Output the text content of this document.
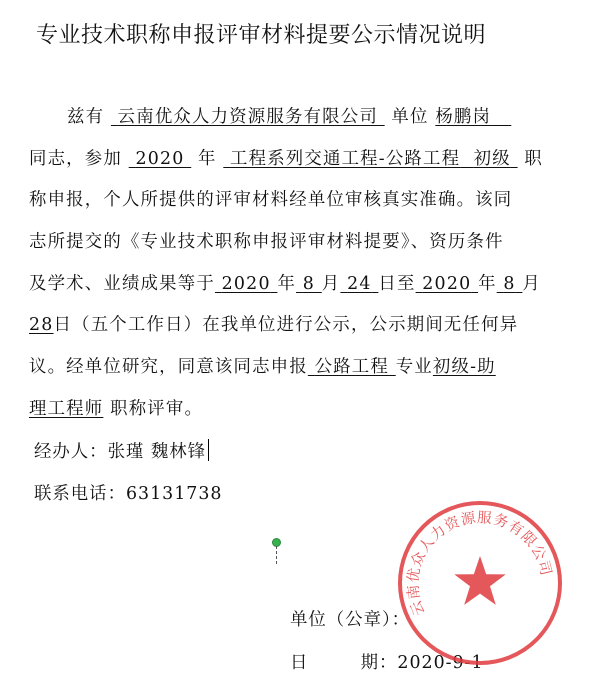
专业技术职称申报评审材料提要公示情况说明
兹有 云南优众人力资源服务有限公司 单位 杨鹏岗
同志，参加 2020 年 工程系列交通工程-公路工程 初级 职
称申报，个人所提供的评审材料经单位审核真实准确。该同
志所提交的《专业技术职称申报评审材料提要》、资历条件
及学术、业绩成果等于 2020 年 8 月 24 日至 2020 年 8 月
28日（五个工作日）在我单位进行公示，公示期间无任何异
议。经单位研究，同意该同志申报 公路工程 专业初级-助
理工程师 职称评审。
经办人：张瑾 魏林锋
联系电话：63131738
单位（公章）：
日        期：2020-9-1
云南优众人力资源服务有限公司
